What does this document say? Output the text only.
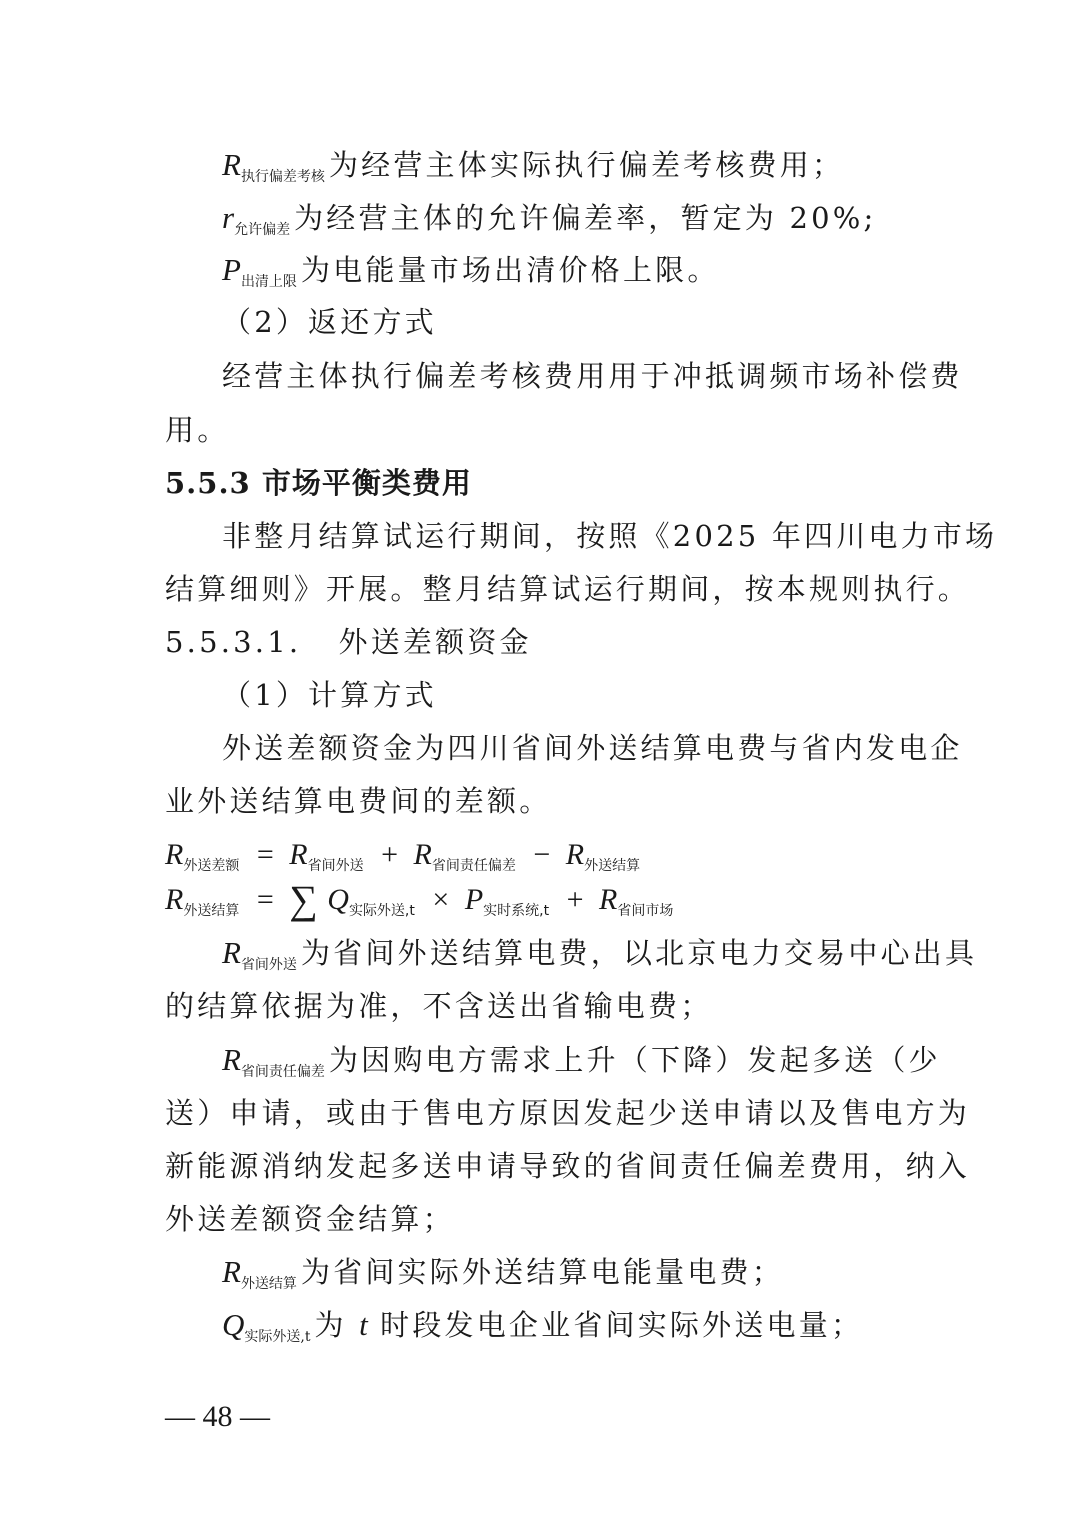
$R_{执行偏差考核}$ 为经营主体实际执行偏差考核费用；
$r_{允许偏差}$ 为经营主体的允许偏差率，暂定为 20%;
$P_{出清上限}$ 为电能量市场出清价格上限。
（2）返还方式
经营主体执行偏差考核费用用于冲抵调频市场补偿费
用。
5.5.3 市场平衡类费用
非整月结算试运行期间，按照《2025 年四川电力市场
结算细则》开展。整月结算试运行期间，按本规则执行。
5.5.3.1.   外送差额资金
（1）计算方式
外送差额资金为四川省间外送结算电费与省内发电企
业外送结算电费间的差额。
$R_{外送差额} = R_{省间外送} + R_{省间责任偏差} - R_{外送结算}$
$R_{外送结算}$ = ∑ $Q_{实际外送,t} \times P_{实时系统,t} + R_{省间市场}$
$R_{省间外送}$ 为省间外送结算电费，以北京电力交易中心出具
的结算依据为准，不含送出省输电费；
$R_{省间责任偏差}$ 为因购电方需求上升（下降）发起多送（少
送）申请，或由于售电方原因发起少送申请以及售电方为
新能源消纳发起多送申请导致的省间责任偏差费用，纳入
外送差额资金结算；
$R_{外送结算}$ 为省间实际外送结算电能量电费；
$Q_{实际外送,t}$ 为 t 时段发电企业省间实际外送电量；
— 48 —
